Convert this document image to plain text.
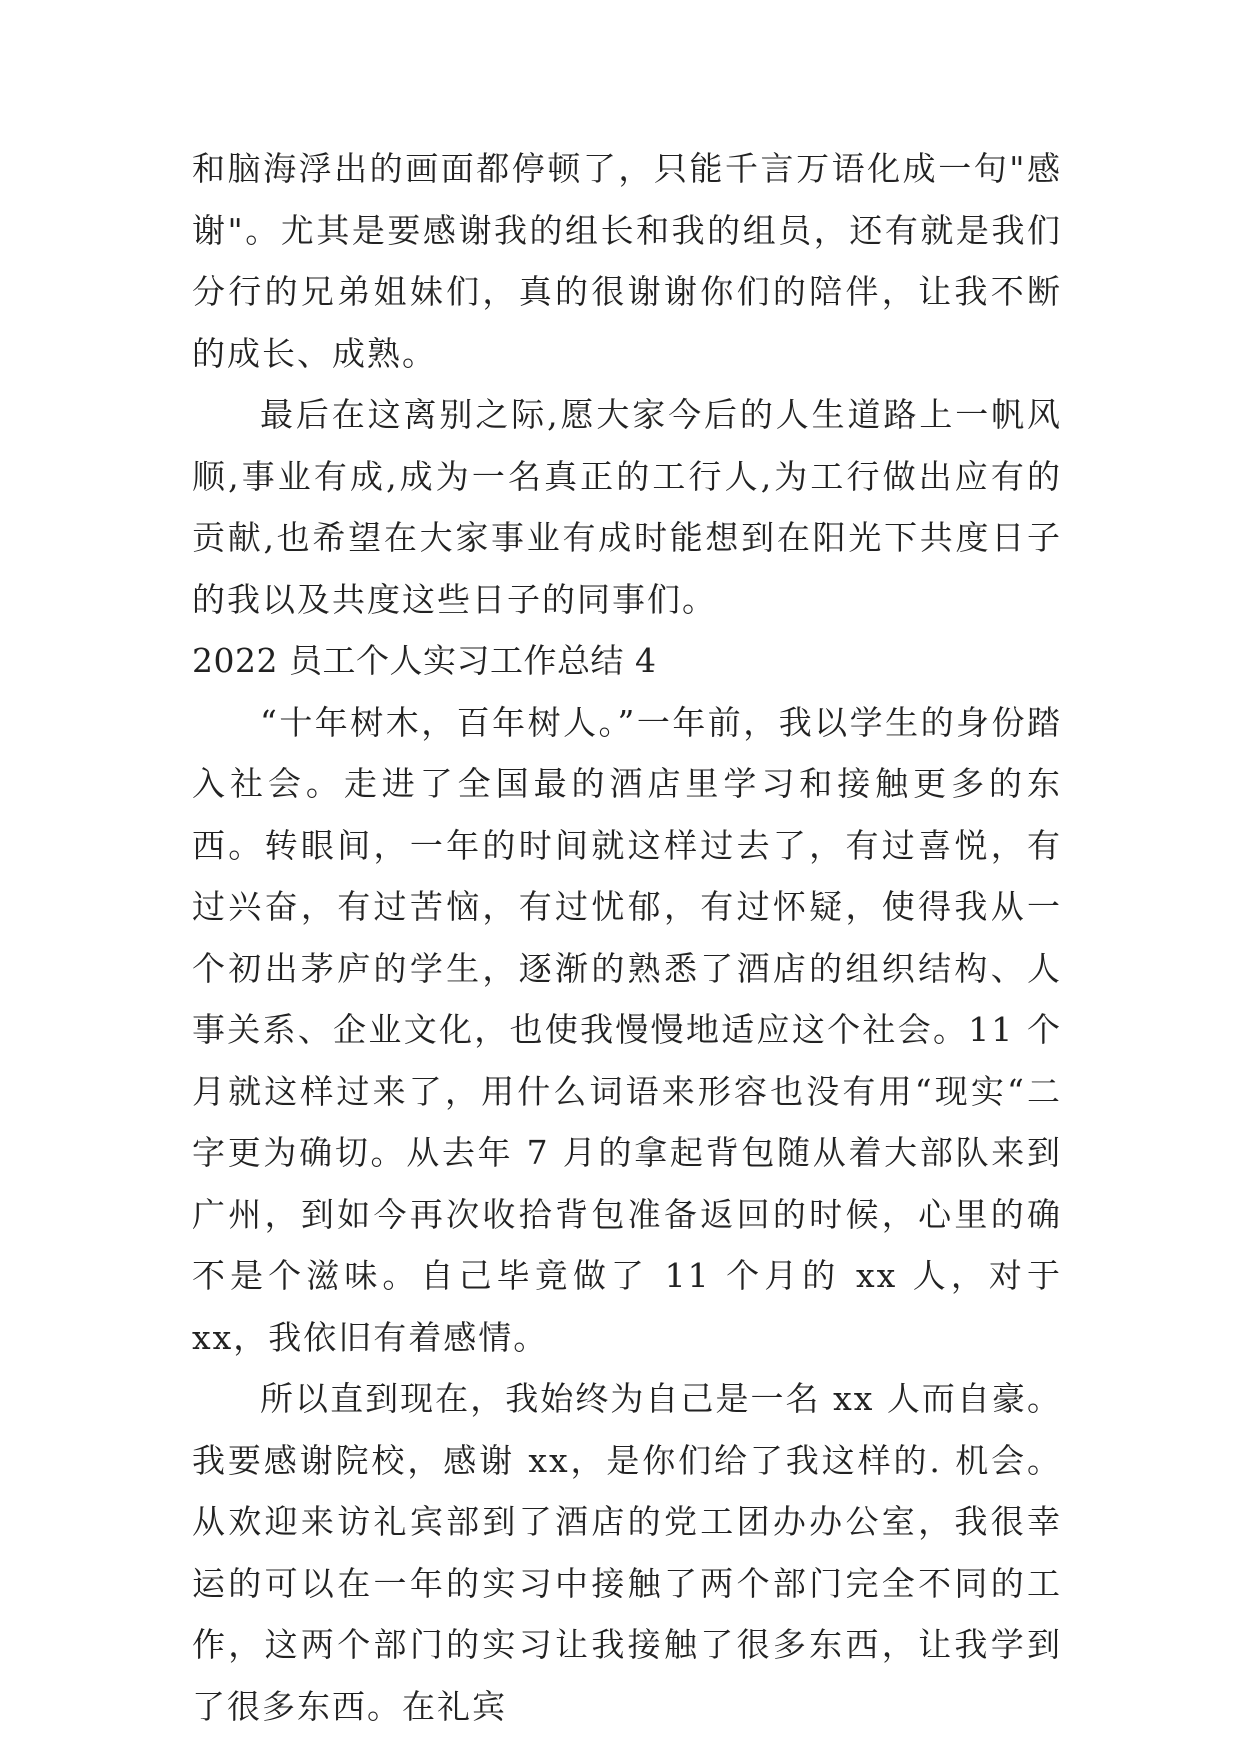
和脑海浮出的画面都停顿了，只能千言万语化成一句"感谢"。尤其是要感谢我的组长和我的组员，还有就是我们分行的兄弟姐妹们，真的很谢谢你们的陪伴，让我不断的成长、成熟。

最后在这离别之际,愿大家今后的人生道路上一帆风顺,事业有成,成为一名真正的工行人,为工行做出应有的贡献,也希望在大家事业有成时能想到在阳光下共度日子的我以及共度这些日子的同事们。

2022 员工个人实习工作总结 4

“十年树木，百年树人。”一年前，我以学生的身份踏入社会。走进了全国最的酒店里学习和接触更多的东西。转眼间，一年的时间就这样过去了，有过喜悦，有过兴奋，有过苦恼，有过忧郁，有过怀疑，使得我从一个初出茅庐的学生，逐渐的熟悉了酒店的组织结构、人事关系、企业文化，也使我慢慢地适应这个社会。11 个月就这样过来了，用什么词语来形容也没有用“现实“二字更为确切。从去年 7 月的拿起背包随从着大部队来到广州，到如今再次收拾背包准备返回的时候，心里的确不是个滋味。自己毕竟做了 11 个月的 xx 人，对于 xx，我依旧有着感情。

所以直到现在，我始终为自己是一名 xx 人而自豪。我要感谢院校，感谢 xx，是你们给了我这样的. 机会。从欢迎来访礼宾部到了酒店的党工团办办公室，我很幸运的可以在一年的实习中接触了两个部门完全不同的工作，这两个部门的实习让我接触了很多东西，让我学到了很多东西。在礼宾
